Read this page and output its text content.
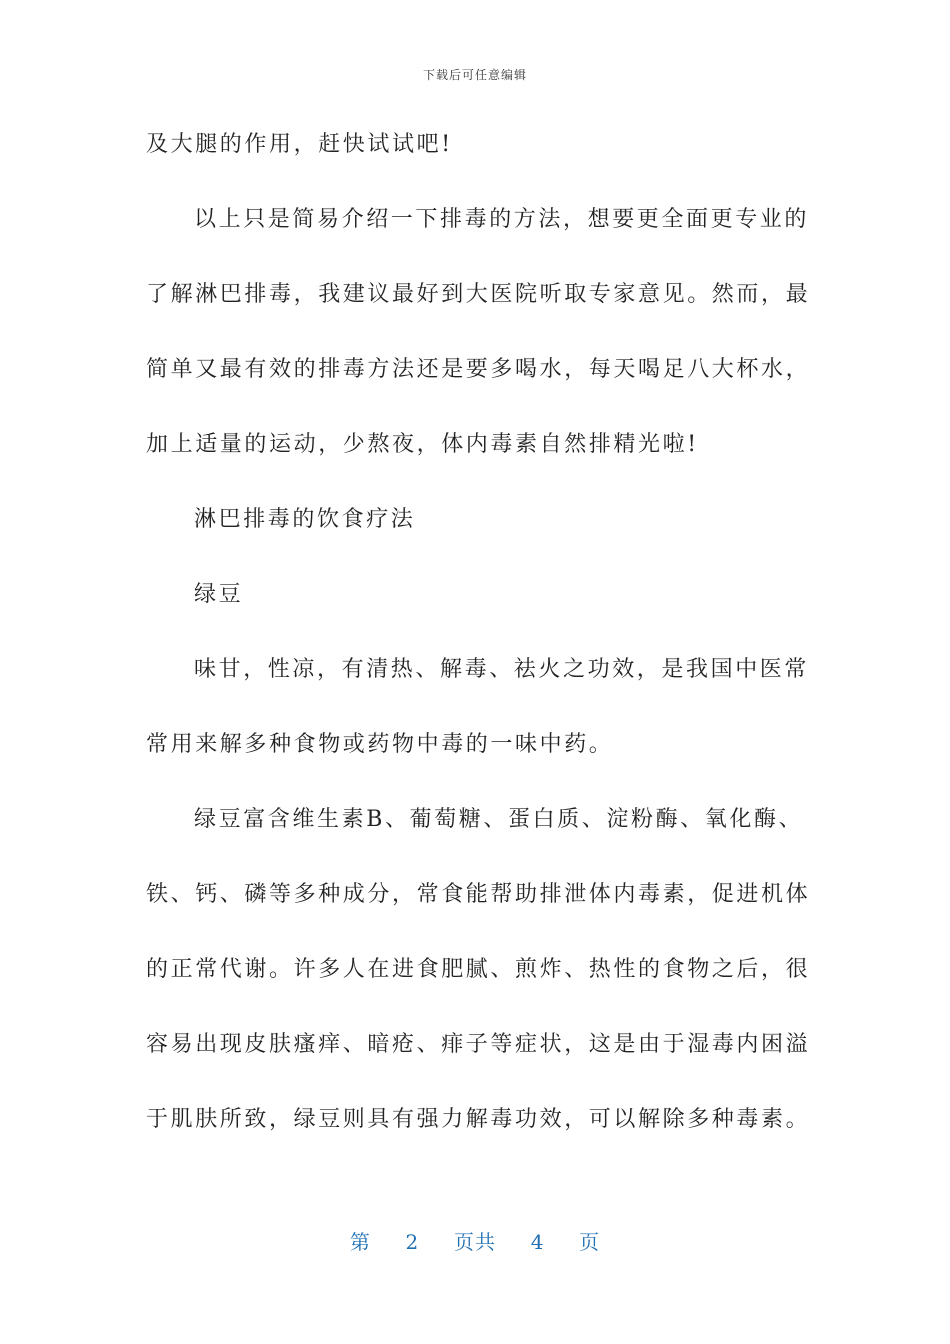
下载后可任意编辑

及大腿的作用，赶快试试吧!

以上只是简易介绍一下排毒的方法，想要更全面更专业的

了解淋巴排毒，我建议最好到大医院听取专家意见。然而，最

简单又最有效的排毒方法还是要多喝水，每天喝足八大杯水，

加上适量的运动，少熬夜，体内毒素自然排精光啦!

淋巴排毒的饮食疗法

绿豆

味甘，性凉，有清热、解毒、祛火之功效，是我国中医常

常用来解多种食物或药物中毒的一味中药。

绿豆富含维生素B、葡萄糖、蛋白质、淀粉酶、氧化酶、

铁、钙、磷等多种成分，常食能帮助排泄体内毒素，促进机体

的正常代谢。许多人在进食肥腻、煎炸、热性的食物之后，很

容易出现皮肤瘙痒、暗疮、痱子等症状，这是由于湿毒内困溢

于肌肤所致，绿豆则具有强力解毒功效，可以解除多种毒素。

第 2 页共 4 页
